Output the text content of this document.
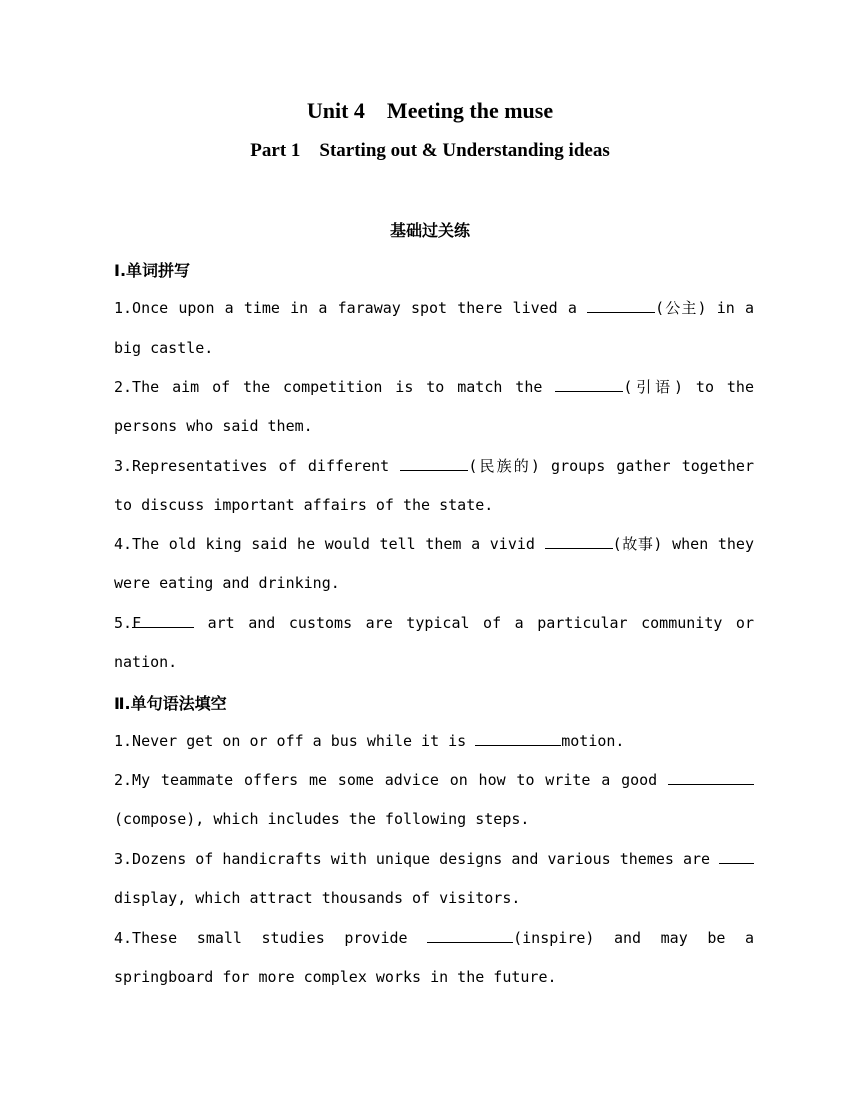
Unit 4    Meeting the muse
Part 1    Starting out & Understanding ideas
基础过关练
Ⅰ.单词拼写
1.Once upon a time in a faraway spot there lived a	(公主) in a
big castle.
2.The aim of the competition is to match the	(引语) to the
persons who said them.
3.Representatives of different	(民族的) groups gather together
to discuss important affairs of the state.
4.The old king said he would tell them a vivid	(故事) when they
were eating and drinking.
5.F	art and customs are typical of a particular community or
nation.
Ⅱ.单句语法填空
1.Never get on or off a bus while it is	motion.
2.My teammate offers me some advice on how to write a good
(compose), which includes the following steps.
3.Dozens of handicrafts with unique designs and various themes are
display, which attract thousands of visitors.
4.These small studies provide	(inspire) and may be a
springboard for more complex works in the future.
